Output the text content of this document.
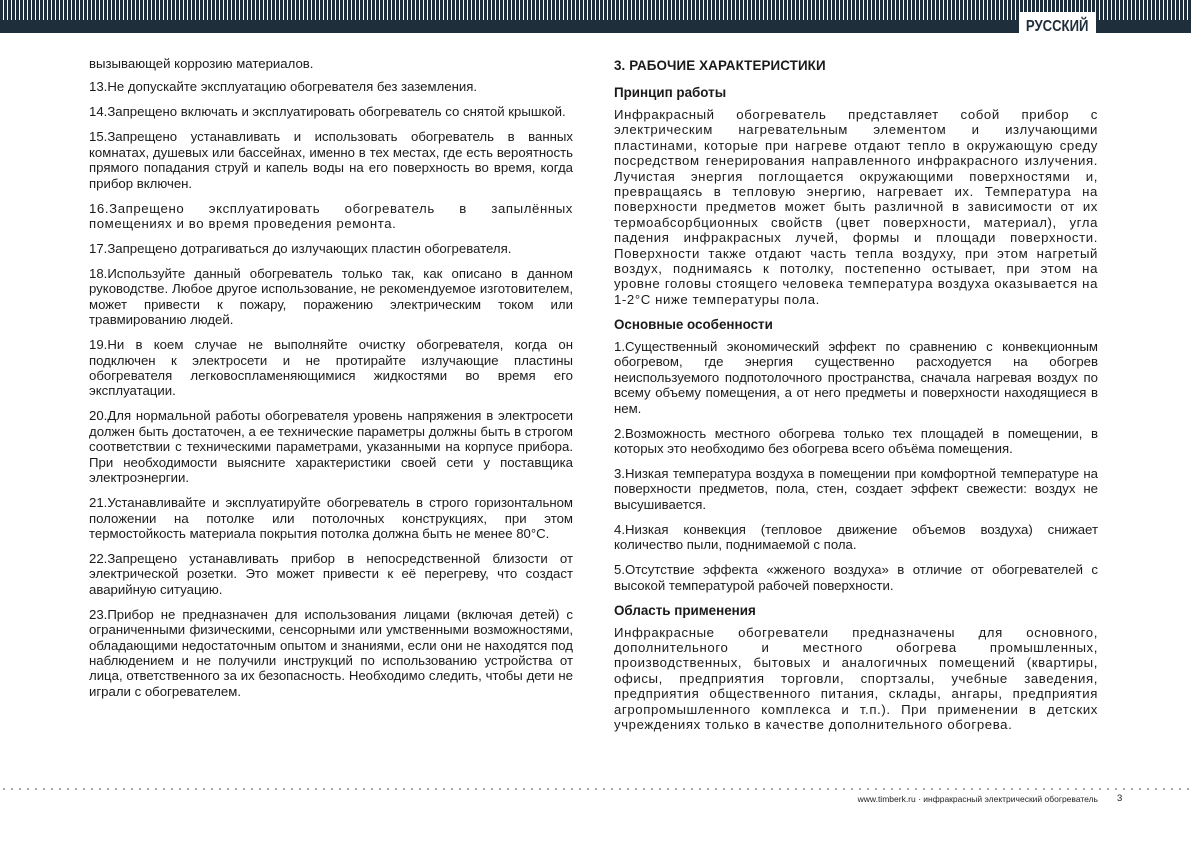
РУССКИЙ

вызывающей коррозию материалов.

13.Не допускайте эксплуатацию обогревателя без заземления.

14.Запрещено включать и эксплуатировать обогреватель со снятой крышкой.

15.Запрещено устанавливать и использовать обогреватель в ванных комнатах, душевых или бассейнах, именно в тех местах, где есть вероятность прямого попадания струй и капель воды на его поверхность во время, когда прибор включен.

16.Запрещено эксплуатировать обогреватель в запылённых помещениях и во время проведения ремонта.

17.Запрещено дотрагиваться до излучающих пластин обогревателя.

18.Используйте данный обогреватель только так, как описано в данном руководстве. Любое другое использование, не рекомендуемое изготовителем, может привести к пожару, поражению электрическим током или травмированию людей.

19.Ни в коем случае не выполняйте очистку обогревателя, когда он подключен к электросети и не протирайте излучающие пластины обогревателя легковоспламеняющимися жидкостями во время его эксплуатации.

20.Для нормальной работы обогревателя уровень напряжения в электросети должен быть достаточен, а ее технические параметры должны быть в строгом соответствии с техническими параметрами, указанными на корпусе прибора. При необходимости выясните характеристики своей сети у поставщика электроэнергии.

21.Устанавливайте и эксплуатируйте обогреватель в строго горизонтальном положении на потолке или потолочных конструкциях, при этом термостойкость материала покрытия потолка должна быть не менее 80°C.

22.Запрещено устанавливать прибор в непосредственной близости от электрической розетки. Это может привести к её перегреву, что создаст аварийную ситуацию.

23.Прибор не предназначен для использования лицами (включая детей) с ограниченными физическими, сенсорными или умственными возможностями, обладающими недостаточным опытом и знаниями, если они не находятся под наблюдением и не получили инструкций по использованию устройства от лица, ответственного за их безопасность. Необходимо следить, чтобы дети не играли с обогревателем.

3. РАБОЧИЕ ХАРАКТЕРИСТИКИ
Принцип работы

Инфракрасный обогреватель представляет собой прибор с электрическим нагревательным элементом и излучающими пластинами, которые при нагреве отдают тепло в окружающую среду посредством генерирования направленного инфракрасного излучения. Лучистая энергия поглощается окружающими поверхностями и, превращаясь в тепловую энергию, нагревает их. Температура на поверхности предметов может быть различной в зависимости от их термоабсорбционных свойств (цвет поверхности, материал), угла падения инфракрасных лучей, формы и площади поверхности. Поверхности также отдают часть тепла воздуху, при этом нагретый воздух, поднимаясь к потолку, постепенно остывает, при этом на уровне головы стоящего человека температура воздуха оказывается на 1-2°C ниже температуры пола.

Основные особенности

1.Существенный экономический эффект по сравнению с конвекционным обогревом, где энергия существенно расходуется на обогрев неиспользуемого подпотолочного пространства, сначала нагревая воздух по всему объему помещения, а от него предметы и поверхности находящиеся в нем.

2.Возможность местного обогрева только тех площадей в помещении, в которых это необходимо без обогрева всего объёма помещения.

3.Низкая температура воздуха в помещении при комфортной температуре на поверхности предметов, пола, стен, создает эффект свежести: воздух не высушивается.

4.Низкая конвекция (тепловое движение объемов воздуха) снижает количество пыли, поднимаемой с пола.

5.Отсутствие эффекта «жженого воздуха» в отличие от обогревателей с высокой температурой рабочей поверхности.

Область применения

Инфракрасные обогреватели предназначены для основного, дополнительного и местного обогрева промышленных, производственных, бытовых и аналогичных помещений (квартиры, офисы, предприятия торговли, спортзалы, учебные заведения, предприятия общественного питания, склады, ангары, предприятия агропромышленного комплекса и т.п.). При применении в детских учреждениях только в качестве дополнительного обогрева.

www.timberk.ru · инфракрасный электрический обогреватель 3
